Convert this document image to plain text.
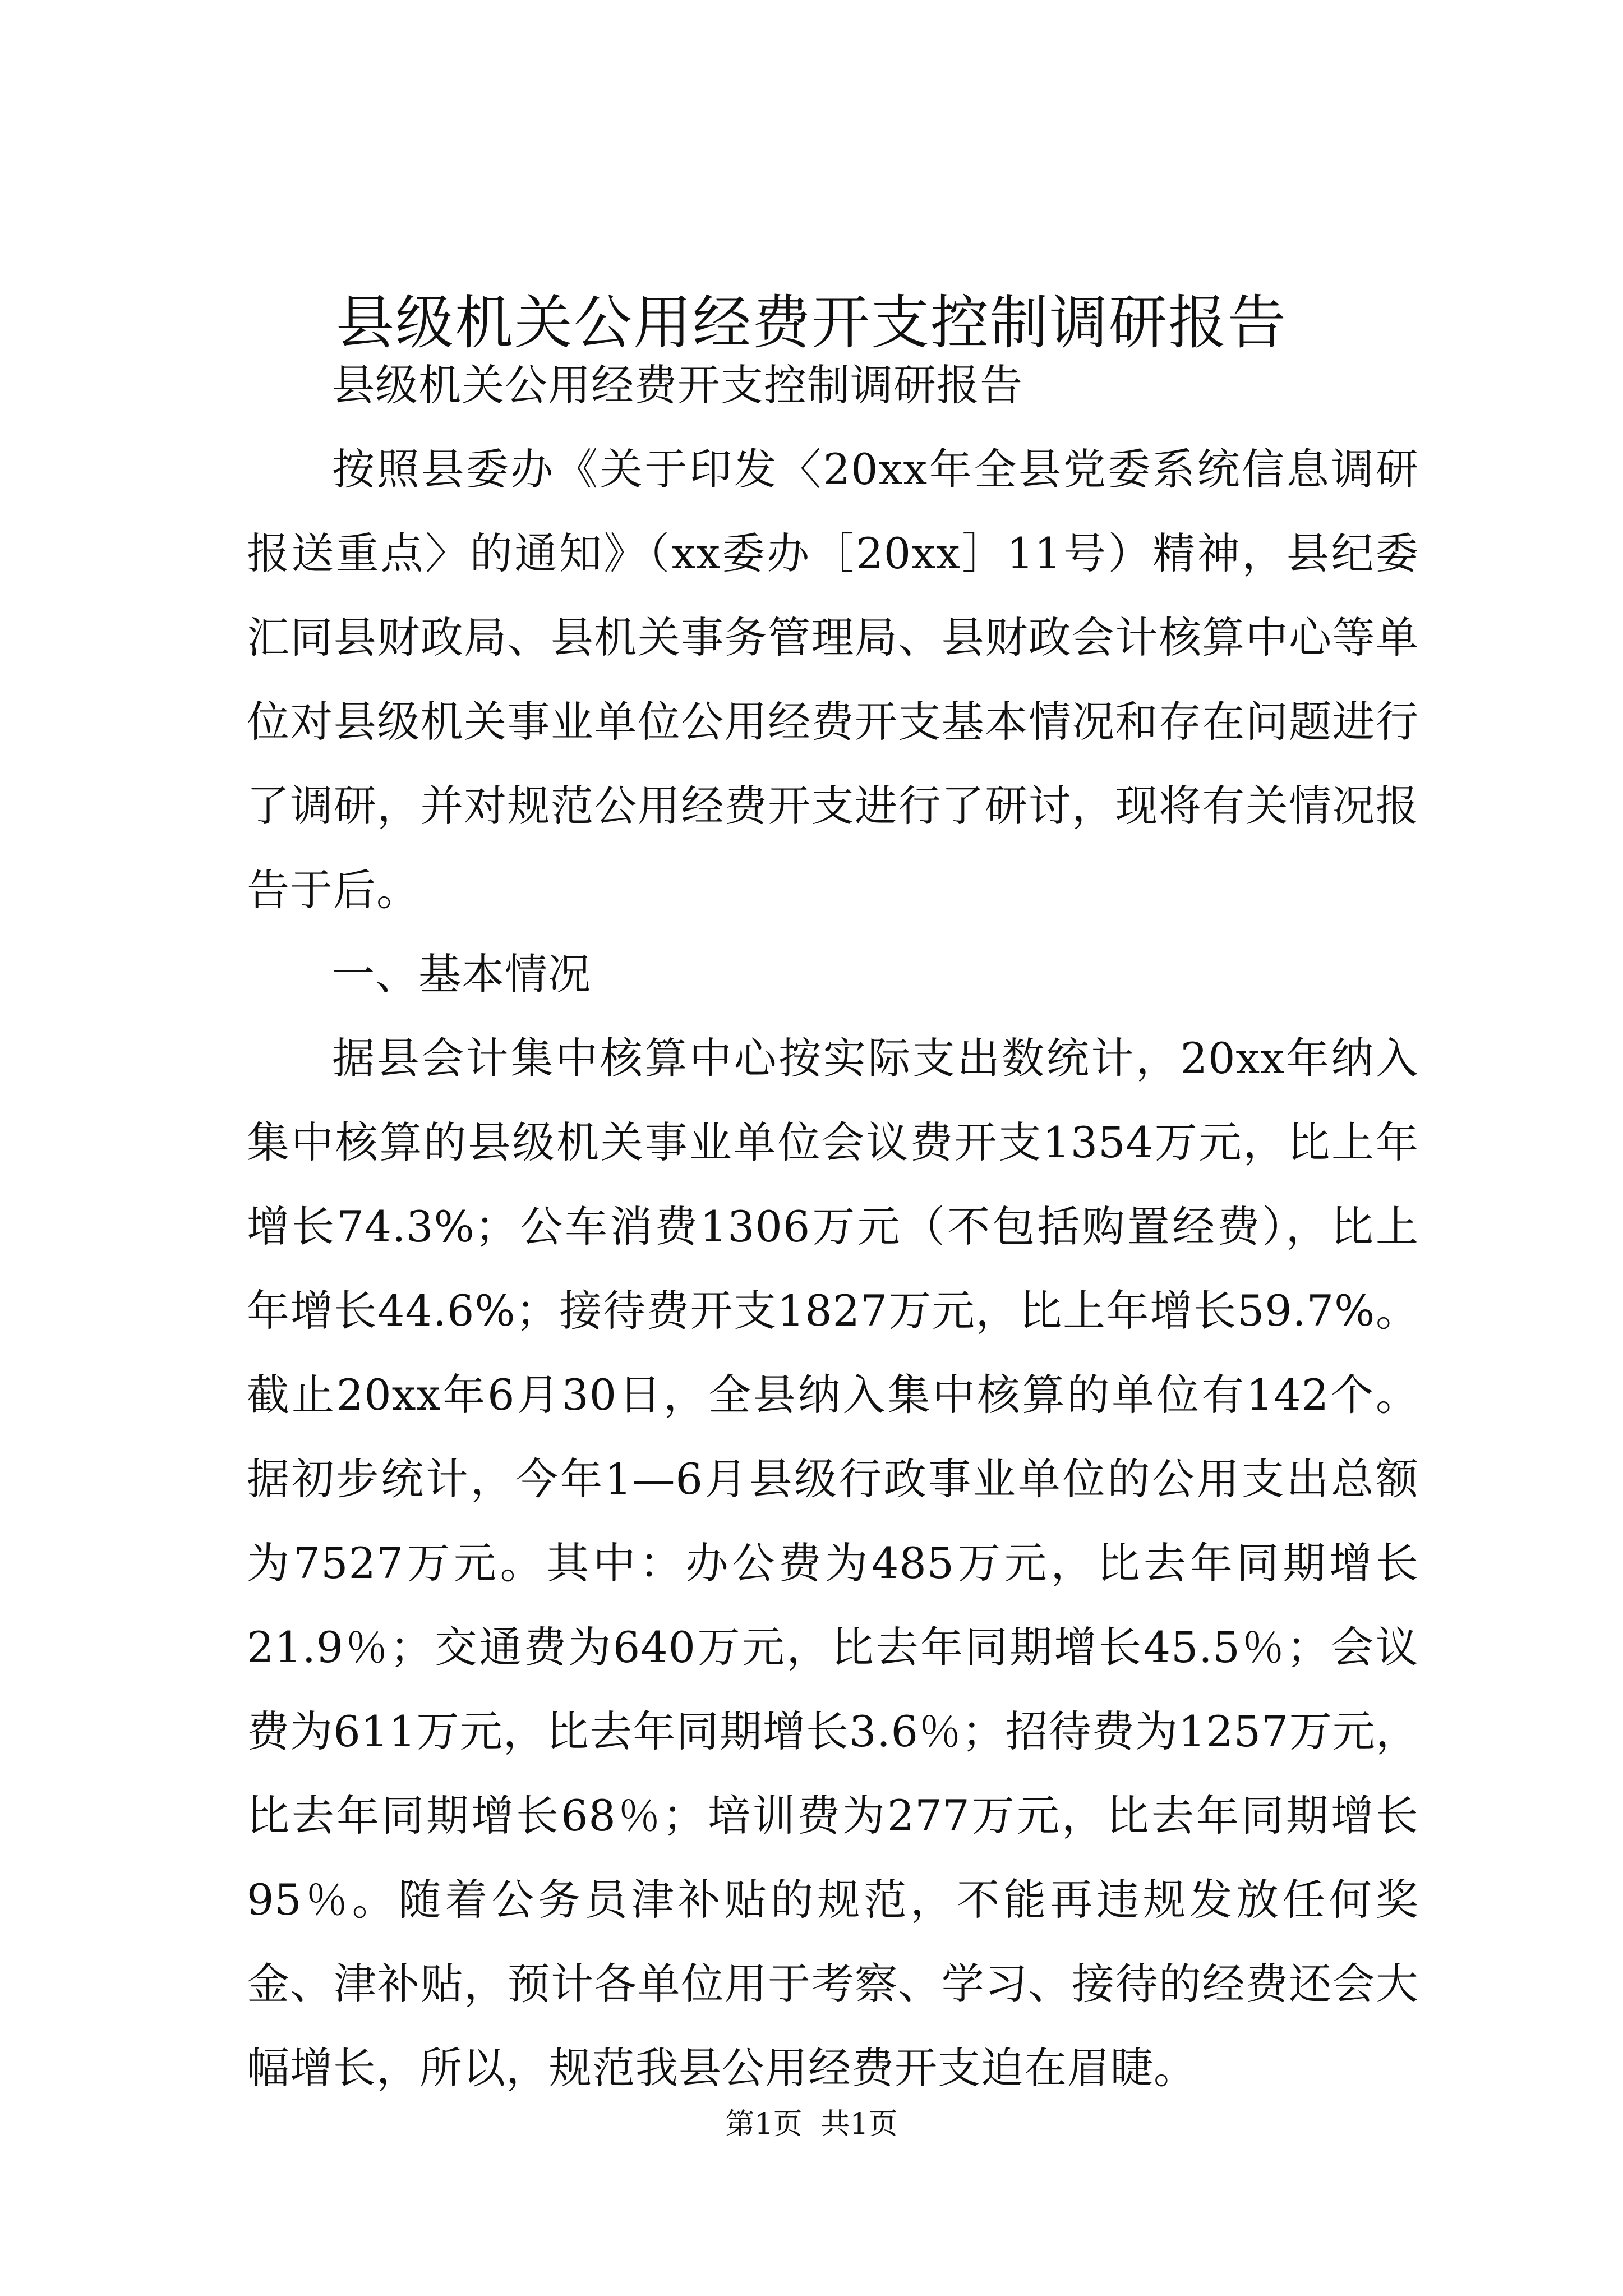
县级机关公用经费开支控制调研报告

县级机关公用经费开支控制调研报告

按照县委办《关于印发〈20xx年全县党委系统信息调研报送重点〉的通知》（xx委办［20xx］11号）精神，县纪委汇同县财政局、县机关事务管理局、县财政会计核算中心等单位对县级机关事业单位公用经费开支基本情况和存在问题进行了调研，并对规范公用经费开支进行了研讨，现将有关情况报告于后。

一、基本情况

据县会计集中核算中心按实际支出数统计，20xx年纳入集中核算的县级机关事业单位会议费开支1354万元，比上年增长74.3%；公车消费1306万元（不包括购置经费），比上年增长44.6%；接待费开支1827万元，比上年增长59.7%。截止20xx年6月30日，全县纳入集中核算的单位有142个。据初步统计，今年1—6月县级行政事业单位的公用支出总额为7527万元。其中：办公费为485万元，比去年同期增长21.9％；交通费为640万元，比去年同期增长45.5％；会议费为611万元，比去年同期增长3.6％；招待费为1257万元，比去年同期增长68％；培训费为277万元，比去年同期增长95％。随着公务员津补贴的规范，不能再违规发放任何奖金、津补贴，预计各单位用于考察、学习、接待的经费还会大幅增长，所以，规范我县公用经费开支迫在眉睫。

第1页  共1页
